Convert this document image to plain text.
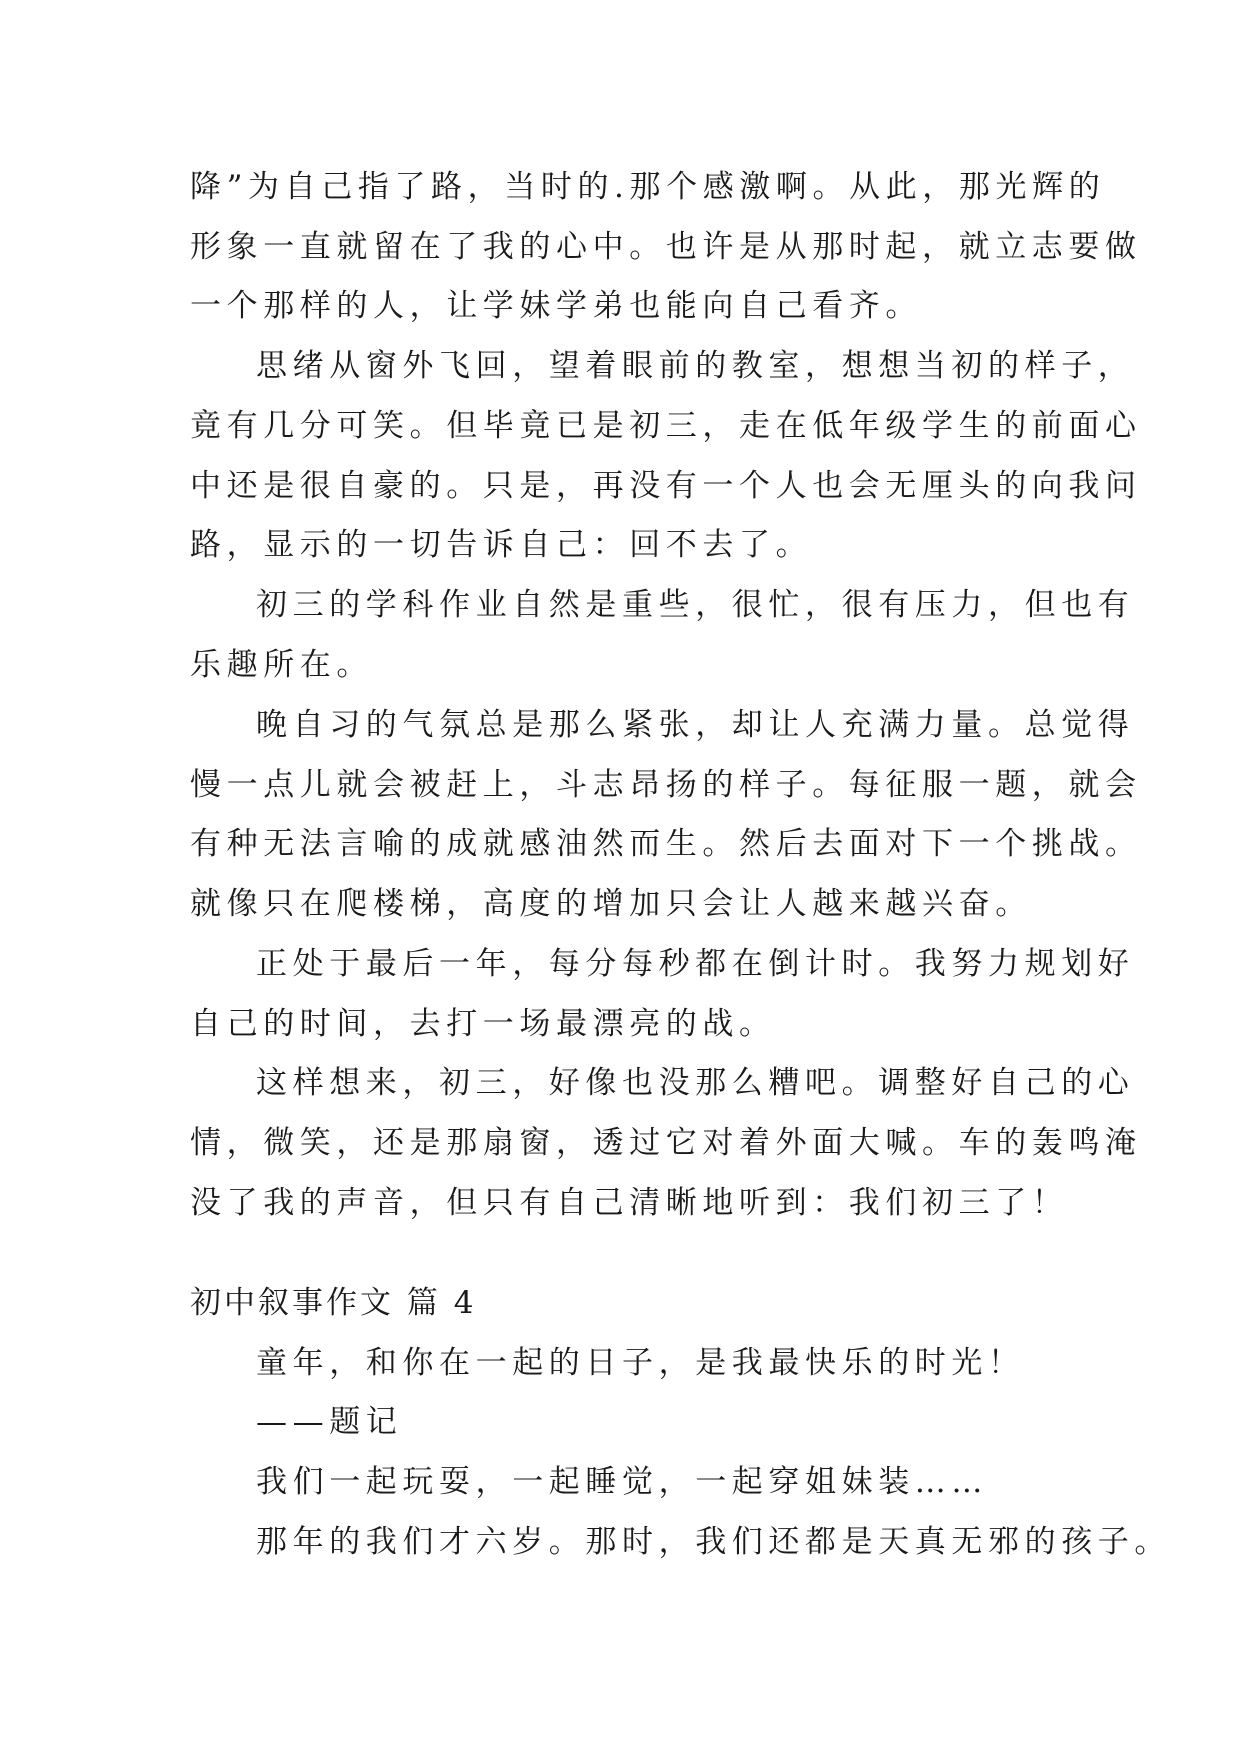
降”为自己指了路，当时的.那个感激啊。从此，那光辉的
形象一直就留在了我的心中。也许是从那时起，就立志要做
一个那样的人，让学妹学弟也能向自己看齐。
思绪从窗外飞回，望着眼前的教室，想想当初的样子，
竟有几分可笑。但毕竟已是初三，走在低年级学生的前面心
中还是很自豪的。只是，再没有一个人也会无厘头的向我问
路，显示的一切告诉自己：回不去了。
初三的学科作业自然是重些，很忙，很有压力，但也有
乐趣所在。
晚自习的气氛总是那么紧张，却让人充满力量。总觉得
慢一点儿就会被赶上，斗志昂扬的样子。每征服一题，就会
有种无法言喻的成就感油然而生。然后去面对下一个挑战。
就像只在爬楼梯，高度的增加只会让人越来越兴奋。
正处于最后一年，每分每秒都在倒计时。我努力规划好
自己的时间，去打一场最漂亮的战。
这样想来，初三，好像也没那么糟吧。调整好自己的心
情，微笑，还是那扇窗，透过它对着外面大喊。车的轰鸣淹
没了我的声音，但只有自己清晰地听到：我们初三了！
初中叙事作文 篇 4
童年，和你在一起的日子，是我最快乐的时光！
——题记
我们一起玩耍，一起睡觉，一起穿姐妹装……
那年的我们才六岁。那时，我们还都是天真无邪的孩子。
